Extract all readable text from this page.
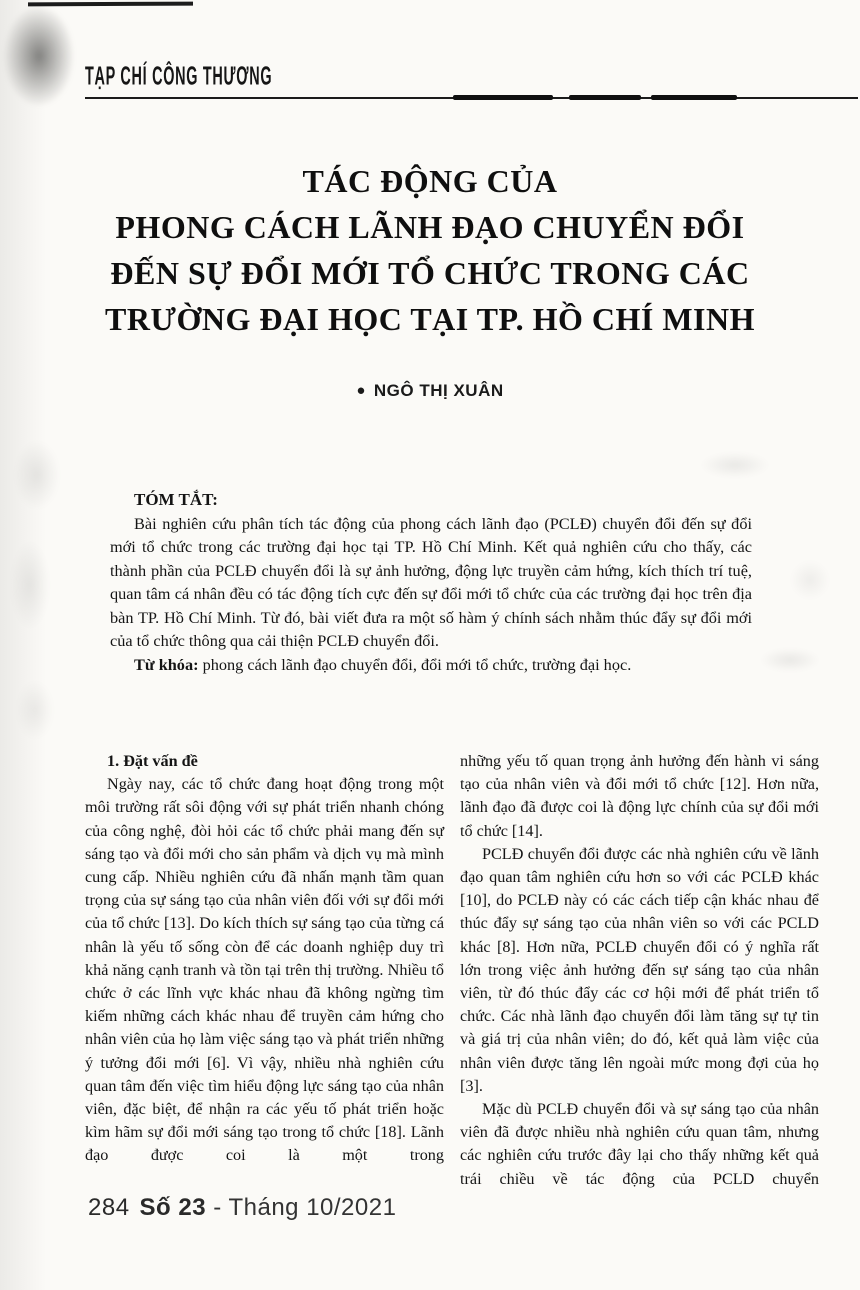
TẠP CHÍ CÔNG THƯƠNG
TÁC ĐỘNG CỦA
PHONG CÁCH LÃNH ĐẠO CHUYỂN ĐỔI
ĐẾN SỰ ĐỔI MỚI TỔ CHỨC TRONG CÁC
TRƯỜNG ĐẠI HỌC TẠI TP. HỒ CHÍ MINH
● NGÔ THỊ XUÂN
TÓM TẮT:
Bài nghiên cứu phân tích tác động của phong cách lãnh đạo (PCLĐ) chuyển đổi đến sự đổi mới tổ chức trong các trường đại học tại TP. Hồ Chí Minh. Kết quả nghiên cứu cho thấy, các thành phần của PCLĐ chuyển đổi là sự ảnh hưởng, động lực truyền cảm hứng, kích thích trí tuệ, quan tâm cá nhân đều có tác động tích cực đến sự đổi mới tổ chức của các trường đại học trên địa bàn TP. Hồ Chí Minh. Từ đó, bài viết đưa ra một số hàm ý chính sách nhằm thúc đẩy sự đổi mới của tổ chức thông qua cải thiện PCLĐ chuyển đổi.
Từ khóa: phong cách lãnh đạo chuyển đổi, đổi mới tổ chức, trường đại học.
1. Đặt vấn đề

Ngày nay, các tổ chức đang hoạt động trong một môi trường rất sôi động với sự phát triển nhanh chóng của công nghệ, đòi hỏi các tổ chức phải mang đến sự sáng tạo và đổi mới cho sản phẩm và dịch vụ mà mình cung cấp. Nhiều nghiên cứu đã nhấn mạnh tầm quan trọng của sự sáng tạo của nhân viên đối với sự đổi mới của tổ chức [13]. Do kích thích sự sáng tạo của từng cá nhân là yếu tố sống còn để các doanh nghiệp duy trì khả năng cạnh tranh và tồn tại trên thị trường. Nhiều tổ chức ở các lĩnh vực khác nhau đã không ngừng tìm kiếm những cách khác nhau để truyền cảm hứng cho nhân viên của họ làm việc sáng tạo và phát triển những ý tưởng đổi mới [6]. Vì vậy, nhiều nhà nghiên cứu quan tâm đến việc tìm hiểu động lực sáng tạo của nhân viên, đặc biệt, để nhận ra các yếu tố phát triển hoặc kìm hãm sự đổi mới sáng tạo trong tổ chức [18]. Lãnh đạo được coi là một trong

những yếu tố quan trọng ảnh hưởng đến hành vi sáng tạo của nhân viên và đổi mới tổ chức [12]. Hơn nữa, lãnh đạo đã được coi là động lực chính của sự đổi mới tổ chức [14].

PCLĐ chuyển đổi được các nhà nghiên cứu về lãnh đạo quan tâm nghiên cứu hơn so với các PCLĐ khác [10], do PCLĐ này có các cách tiếp cận khác nhau để thúc đẩy sự sáng tạo của nhân viên so với các PCLD khác [8]. Hơn nữa, PCLĐ chuyển đổi có ý nghĩa rất lớn trong việc ảnh hưởng đến sự sáng tạo của nhân viên, từ đó thúc đẩy các cơ hội mới để phát triển tổ chức. Các nhà lãnh đạo chuyển đổi làm tăng sự tự tin và giá trị của nhân viên; do đó, kết quả làm việc của nhân viên được tăng lên ngoài mức mong đợi của họ [3].

Mặc dù PCLĐ chuyển đổi và sự sáng tạo của nhân viên đã được nhiều nhà nghiên cứu quan tâm, nhưng các nghiên cứu trước đây lại cho thấy những kết quả trái chiều về tác động của PCLD chuyển

284 Số 23 - Tháng 10/2021
